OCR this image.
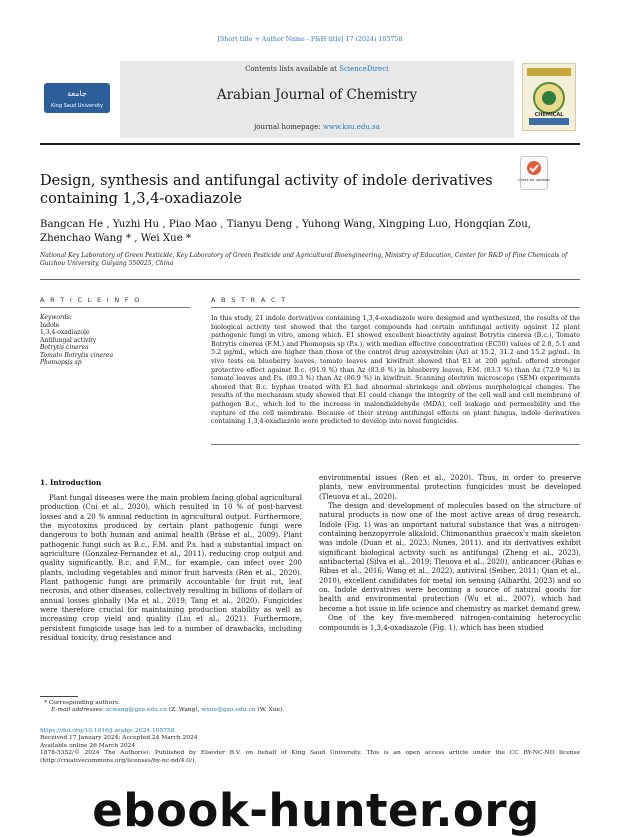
[Short title + Author Name - P&H title] 17 (2024) 105758
جامعة
King Saud University
Contents lists available at ScienceDirect
Arabian Journal of Chemistry
journal homepage: www.ksu.edu.sa
CHEMICAL
Design, synthesis and antifungal activity of indole derivatives containing 1,3,4-oxadiazole
Check for updates
Bangcan He , Yuzhi Hu , Piao Mao , Tianyu Deng , Yuhong Wang, Xingping Luo, Hongqian Zou,
Zhenchao Wang * , Wei Xue *
National Key Laboratory of Green Pesticide, Key Laboratory of Green Pesticide and Agricultural Bioengineering, Ministry of Education, Center for R&D of Fine Chemicals of Guizhou University, Guiyang 550025, China
A R T I C L E I N F O	A B S T R A C T
Keywords:
Indole
1,3,4-oxadiazole
Antifungal activity
Botrytis cinerea
Tomato Botrytis cinerea
Phomopsis sp
In this study, 21 indole derivatives containing 1,3,4-oxadiazole were designed and synthesized, the results of the biological activity test showed that the target compounds had certain antifungal activity against 12 plant pathogenic fungi in vitro, among which. E1 showed excellent bioactivity against Botrytis cinerea (B.c.), Tomato Botrytis cinerea (F.M.) and Phomopsis sp (P.s.), with median effective concentration (EC50) values of 2.8, 5.1 and 5.2 μg/mL, which are higher than those of the control drug azoxystrobin (Az) at 15.2, 31.2 and 15.2 μg/mL. In vivo tests on blueberry leaves, tomato leaves and kiwifruit showed that E1 at 200 μg/mL offered stronger protective effect against B.c. (91.9 %) than Az (83.8 %) in blueberry leaves, F.M. (83.3 %) than Az (72.9 %) in tomato leaves and P.s. (89.3 %) than Az (86.9 %) in kiwifruit. Scanning electron microscope (SEM) experiments showed that B.c. hyphae treated with E1 had abnormal shrinkage and obvious morphological changes. The results of the mechanism study showed that E1 could change the integrity of the cell wall and cell membrane of pathogen B.c., which led to the increase in malondialdehyde (MDA), cell leakage and permeability and the rupture of the cell membrane. Because of their strong antifungal effects on plant fungus, indole derivatives containing 1,3,4-oxadiazole were predicted to develop into novel fungicides.
1. Introduction

Plant fungal diseases were the main problem facing global agricultural production (Cui et al., 2020), which resulted in 10 % of post-harvest losses and a 20 % annual reduction in agricultural output. Furthermore, the mycotoxins produced by certain plant pathogenic fungi were dangerous to both human and animal health (Bräse et al., 2009). Plant pathogenic fungi such as B.c., F.M. and P.s. had a substantial impact on agriculture (Gonzalez-Fernandez et al., 2011). reducing crop output and quality significantly. B.c. and F.M., for example, can infect over 200 plants, including vegetables and minor fruit harvests (Ren et al., 2020). Plant pathogenic fungi are primarily accountable for fruit rot, leaf necrosis, and other diseases, collectively resulting in billions of dollars of annual losses globally (Ma et al., 2019; Tang et al., 2020). Fungicides were therefore crucial for maintaining production stability as well as increasing crop yield and quality (Liu et al., 2021). Furthermore, persistent fungicide usage has led to a number of drawbacks, including residual toxicity, drug resistance and

environmental issues (Ren et al., 2020). Thus, in order to preserve plants, new environmental protection fungicides must be developed (Tleuova et al., 2020).

The design and development of molecules based on the structure of natural products is now one of the most active areas of drug research. Indole (Fig. 1) was an important natural substance that was a nitrogen-containing benzopyrrole alkaloid. Chimonanthus praecox's main skeleton was indole (Duan et al., 2023; Nunes, 2011). and its derivatives exhibit significant biological activity such as antifungal (Zheng et al., 2023), antibacterial (Silva et al., 2019; Tleuova et al., 2020), anticancer (Ribas e Ribas et al., 2016; Wang et al., 2022), antiviral (Seiber, 2011; Qian et al., 2010), excellent candidates for metal ion sensing (Alharthi, 2023) and so on. Indole derivatives were becoming a source of natural goods for health and environmental protection (Wu et al., 2007), which had become a hot issue in life science and chemistry as market demand grew.

One of the key five-membered nitrogen-containing heterocyclic compounds is 1,3,4-oxadiazole (Fig. 1), which has been studied

* Corresponding authors.
E-mail addresses: zcwang@gzu.edu.cn (Z. Wang), wxue@gzu.edu.cn (W. Xue).
https://doi.org/10.1016/j.arabjc.2024.105758
Received 17 January 2024; Accepted 24 March 2024
Available online 26 March 2024
1878-5352/© 2024 The Author(s). Published by Elsevier B.V. on behalf of King Saud University. This is an open access article under the CC BY-NC-ND license (http://creativecommons.org/licenses/by-nc-nd/4.0/).
ebook-hunter.org
